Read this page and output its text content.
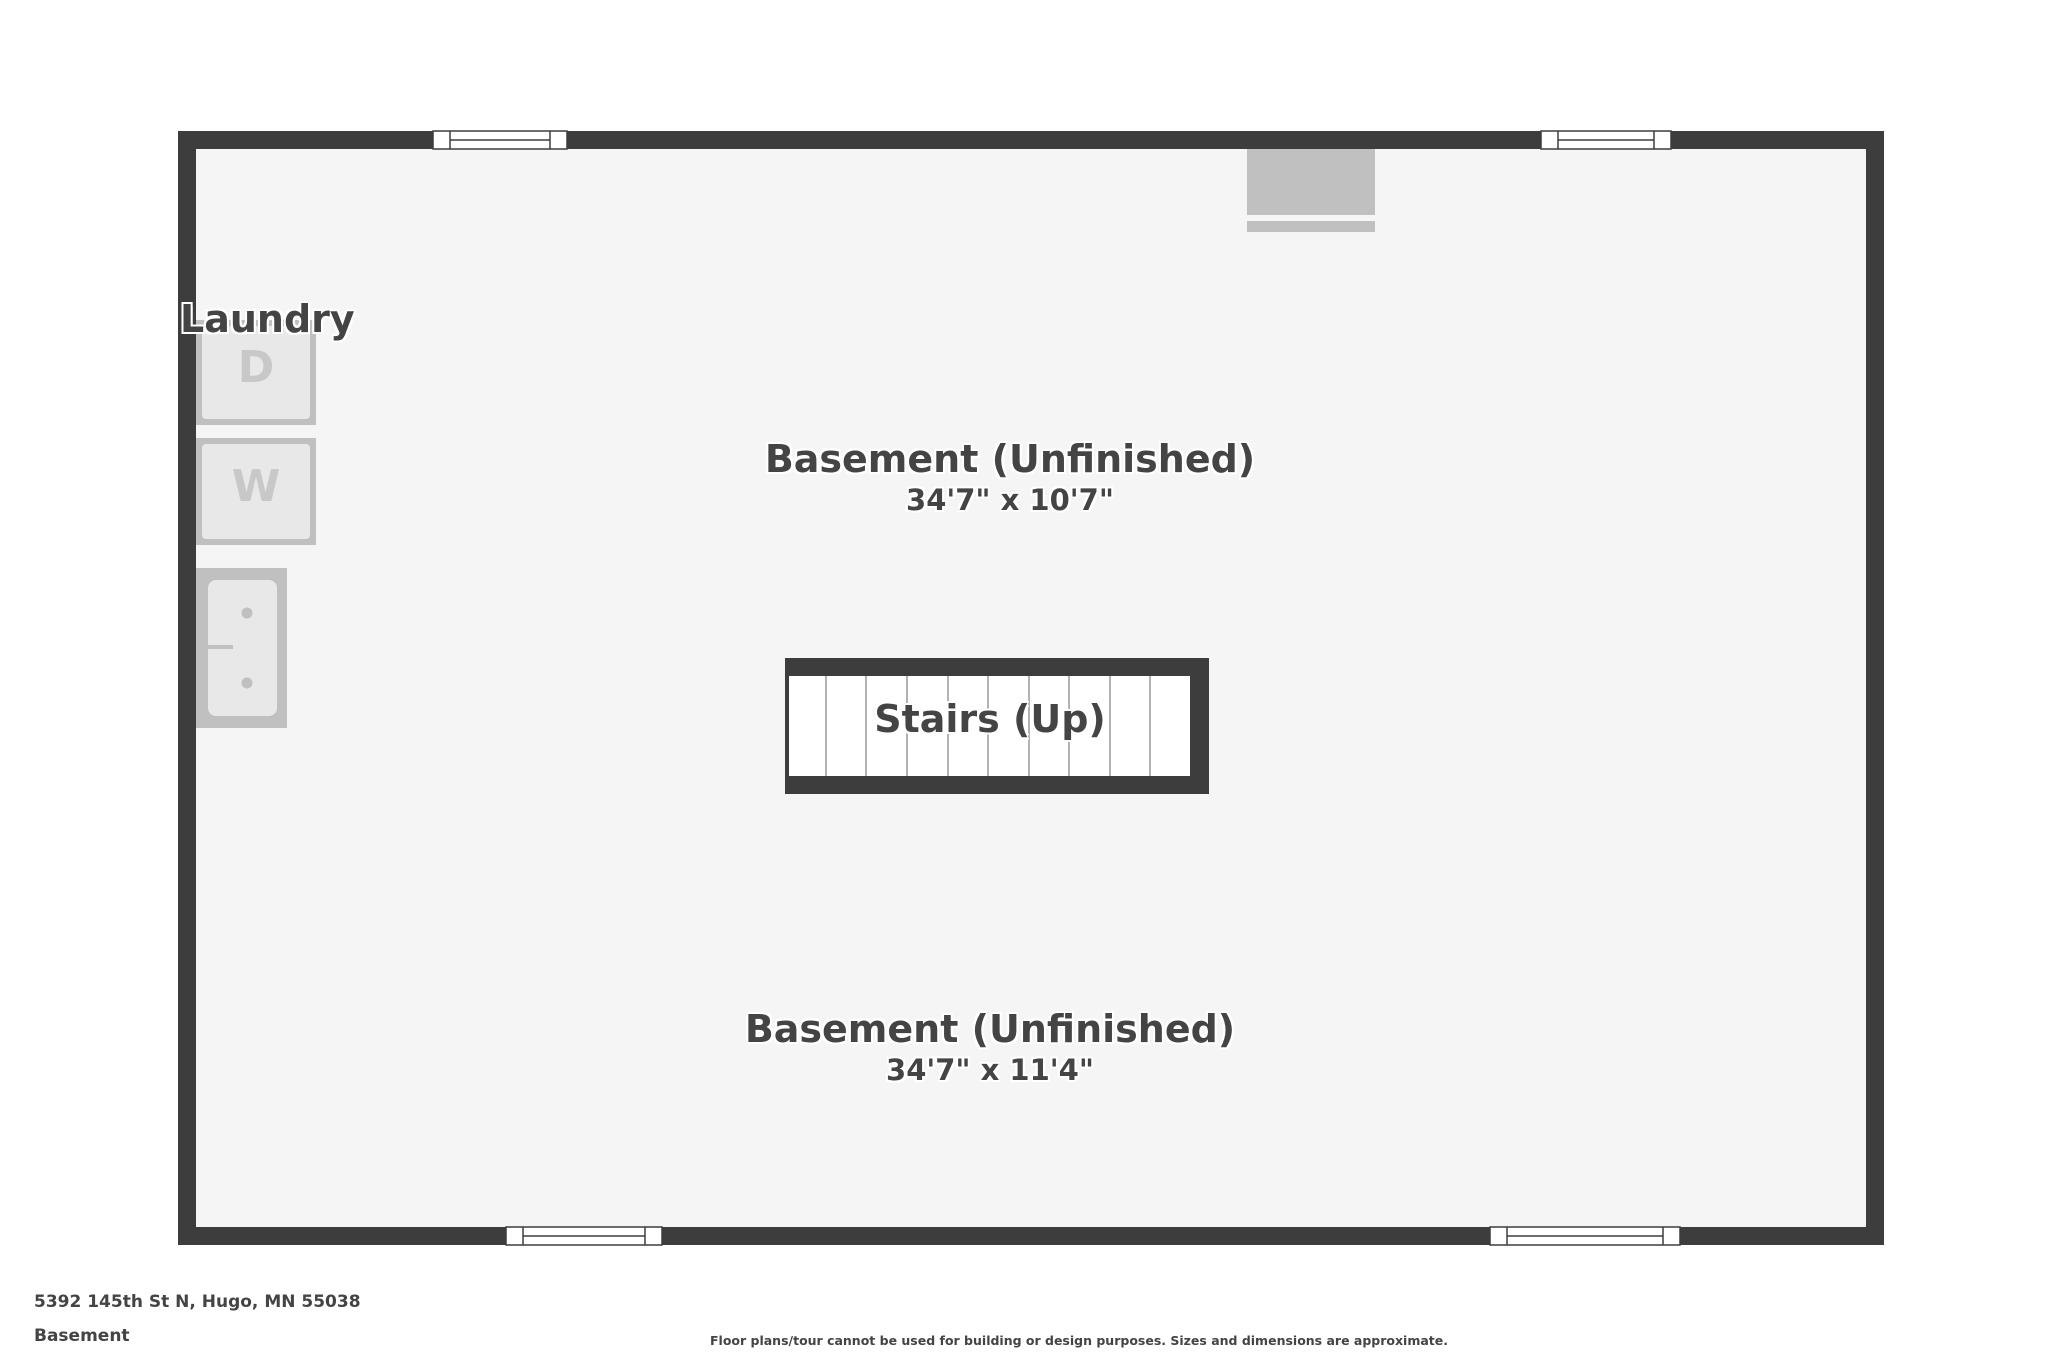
D
W
Laundry
Basement (Unfinished)
34'7" x 10'7"
Basement (Unfinished)
34'7" x 11'4"
Stairs (Up)
5392 145th St N, Hugo, MN 55038
Basement	Floor plans/tour cannot be used for building or design purposes. Sizes and dimensions are approximate.
